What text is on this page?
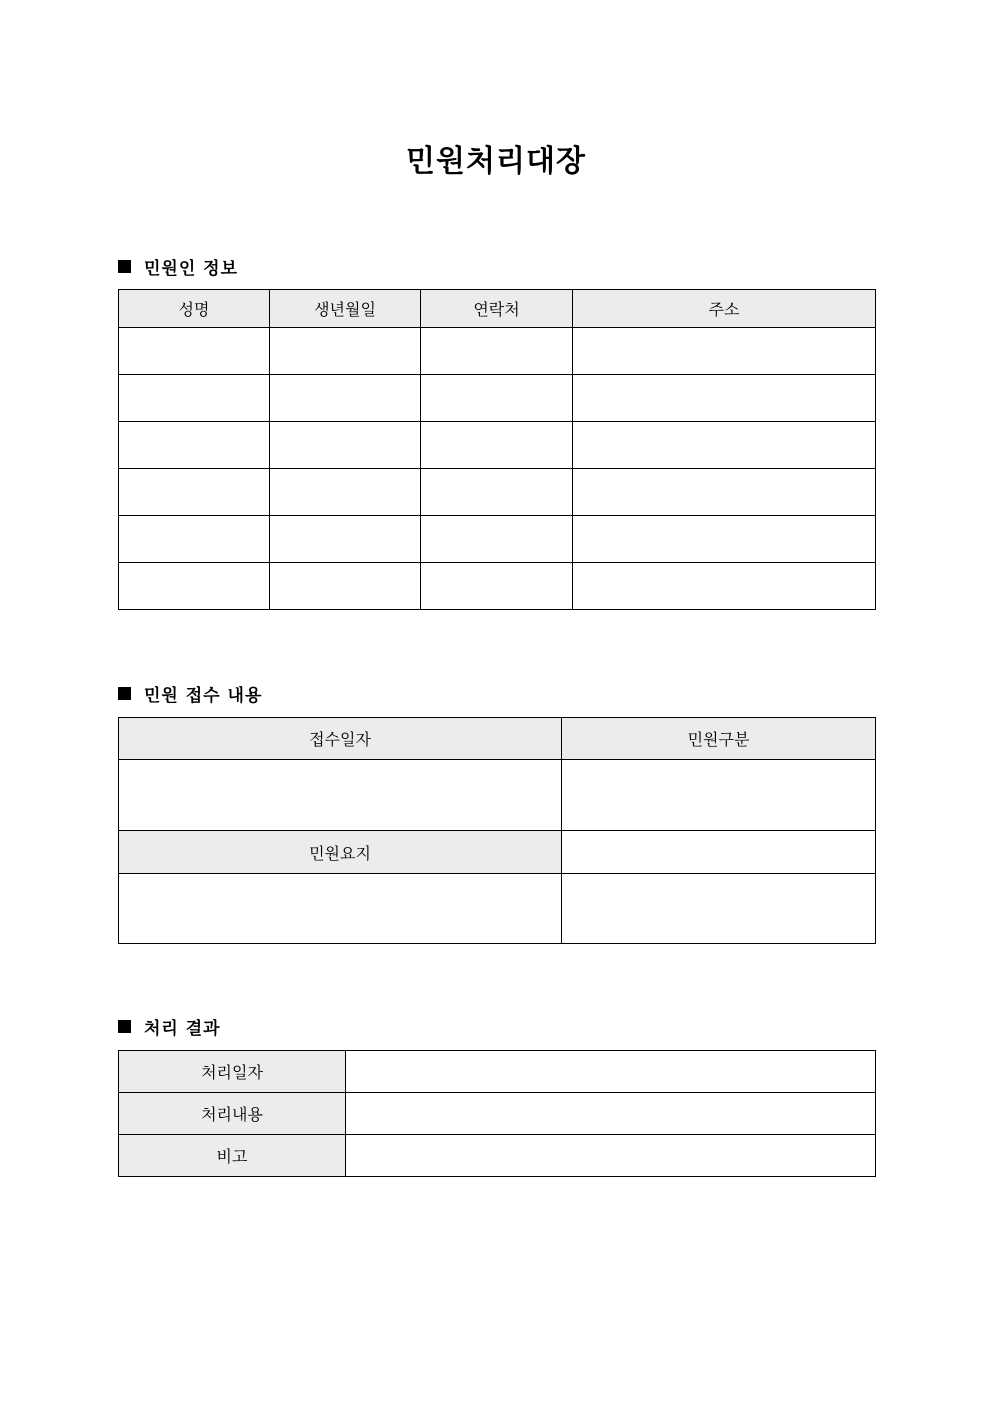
민원처리대장
민원인 정보
성명	생년월일	연락처	주소

민원 접수 내용
접수일자	민원구분

민원요지	

처리 결과
처리일자	
처리내용	
비고	
